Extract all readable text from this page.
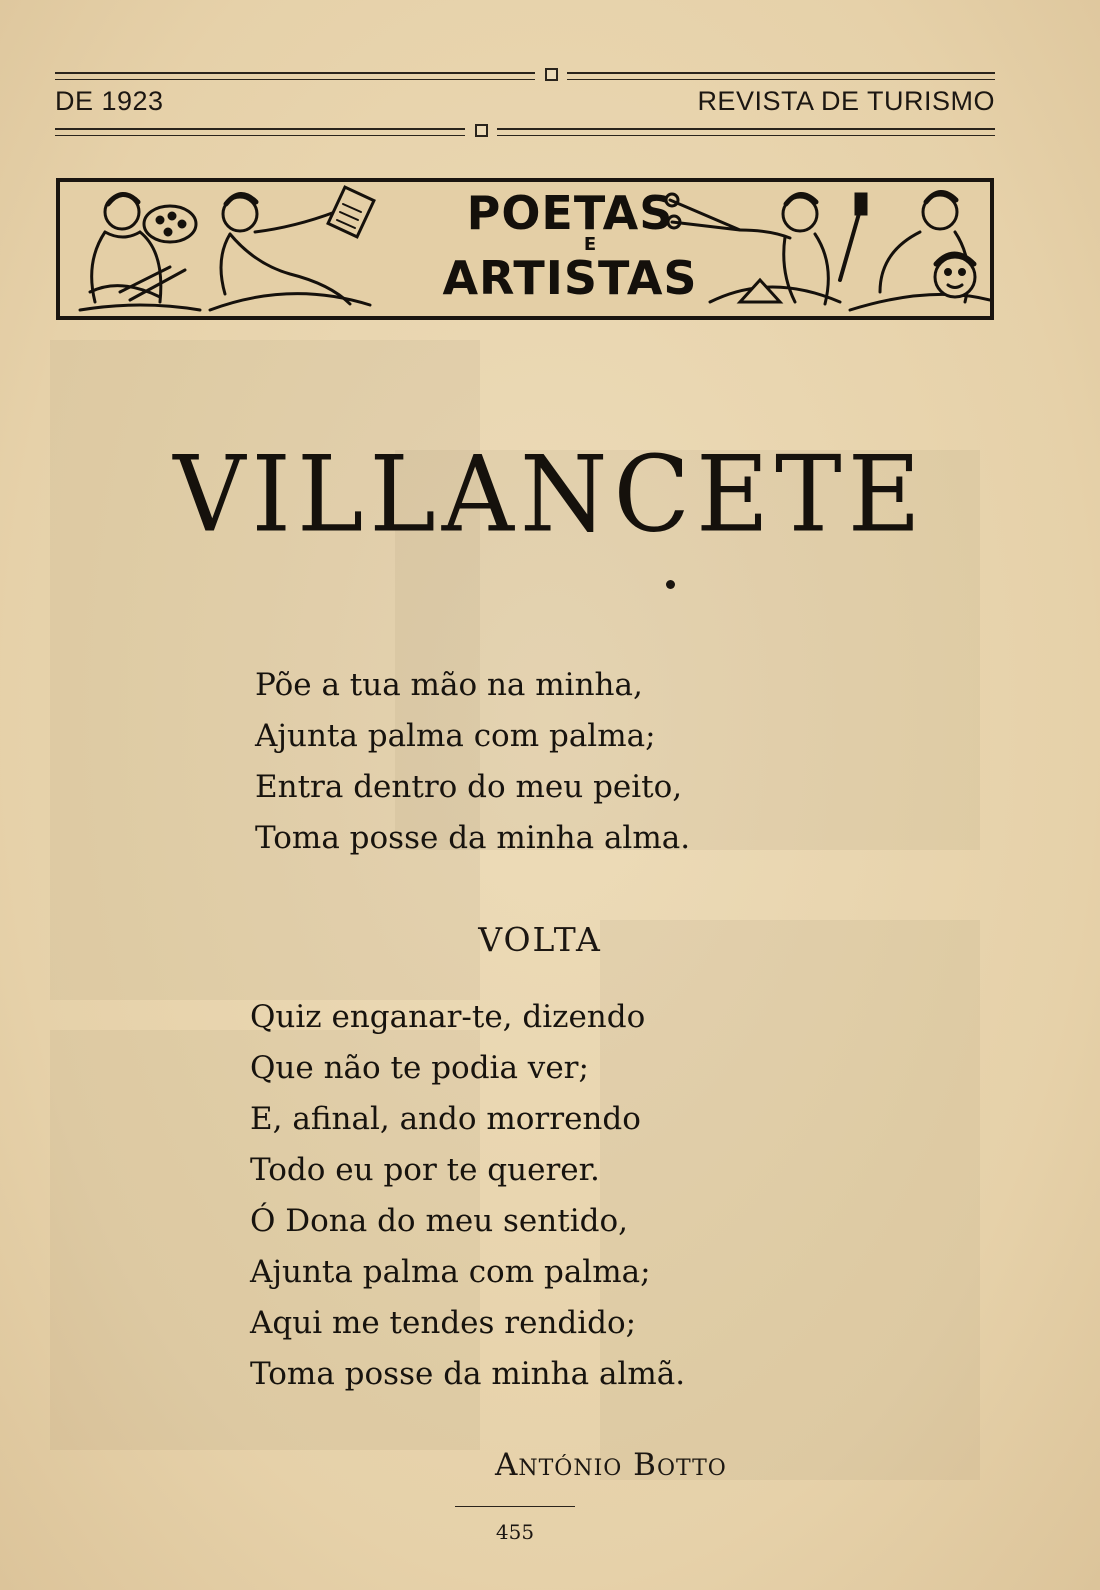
DE 1923	REVISTA DE TURISMO
POETAS
E
ARTISTAS
VILLANCETE
Põe a tua mão na minha,
Ajunta palma com palma;
Entra dentro do meu peito,
Toma posse da minha alma.
VOLTA
Quiz enganar-te, dizendo
Que não te podia ver;
E, afinal, ando morrendo
Todo eu por te querer.
Ó Dona do meu sentido,
Ajunta palma com palma;
Aqui me tendes rendido;
Toma posse da minha almã.
António Botto
455
